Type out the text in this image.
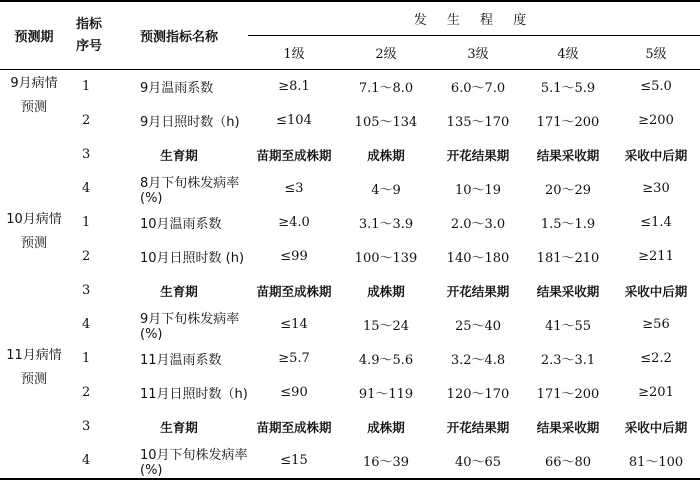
预测期	指标
序号	预测指标名称	发 生 程 度				
			1级	2级	3级	4级	5级
9月病情
预测	1	9月温雨系数	≥8.1	7.1～8.0	6.0～7.0	5.1～5.9	≤5.0
	2	9月日照时数（h)	≤104	105～134	135～170	171～200	≥200
	3	生育期	苗期至成株期	成株期	开花结果期	结果采收期	采收中后期
	4	8月下旬株发病率(%)	≤3	4～9	10～19	20～29	≥30
10月病情
预测	1	10月温雨系数	≥4.0	3.1～3.9	2.0～3.0	1.5～1.9	≤1.4
	2	10月日照时数 (h)	≤99	100～139	140～180	181～210	≥211
	3	生育期	苗期至成株期	成株期	开花结果期	结果采收期	采收中后期
	4	9月下旬株发病率(%)	≤14	15～24	25～40	41～55	≥56
11月病情
预测	1	11月温雨系数	≥5.7	4.9～5.6	3.2～4.8	2.3～3.1	≤2.2
	2	11月日照时数（h)	≤90	91～119	120～170	171～200	≥201
	3	生育期	苗期至成株期	成株期	开花结果期	结果采收期	采收中后期
	4	10月下旬株发病率(%)	≤15	16～39	40～65	66～80	81～100
